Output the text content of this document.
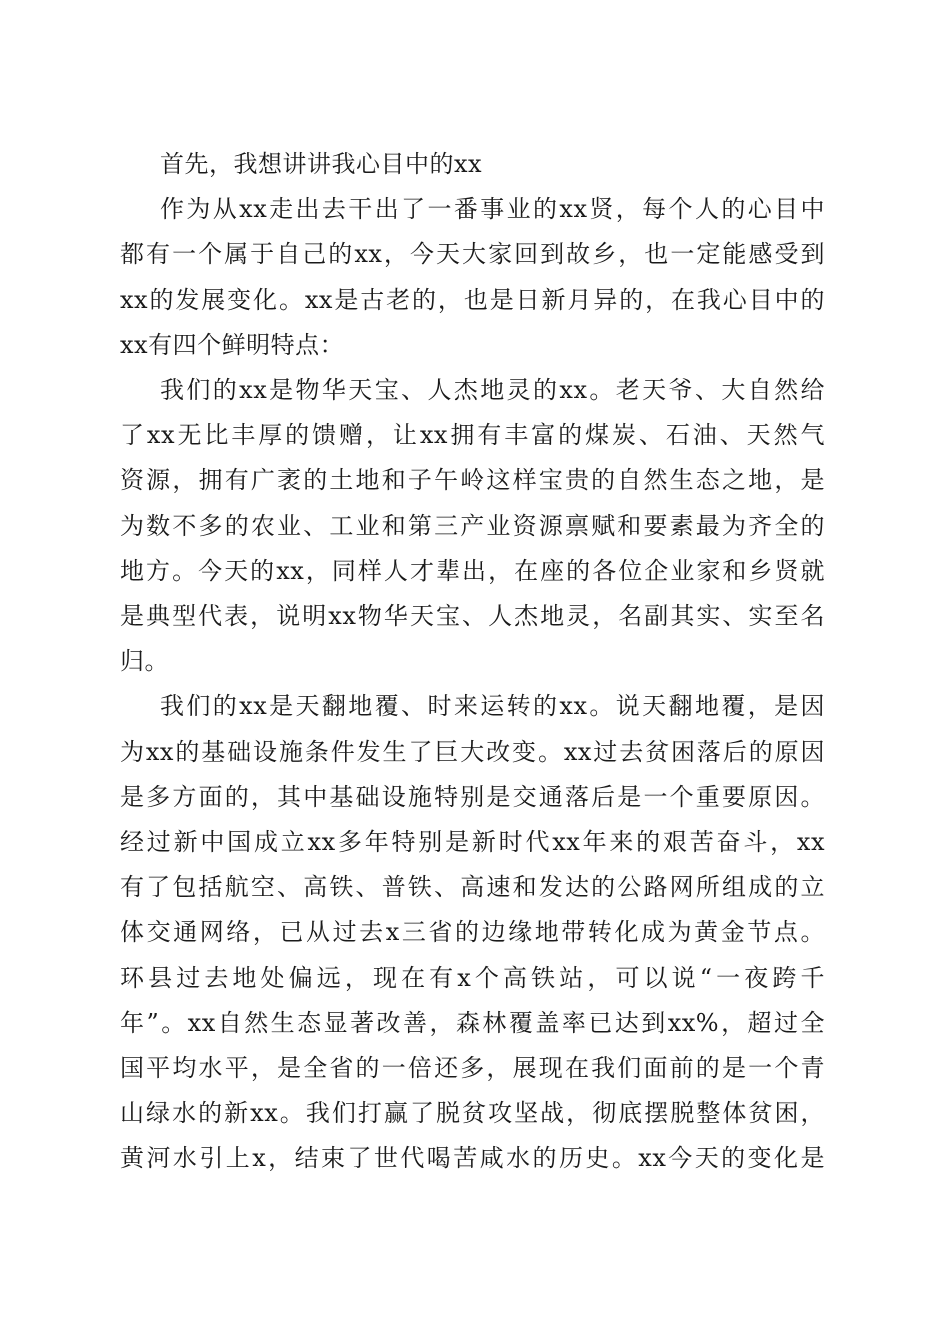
首先，我想讲讲我心目中的xx

作为从xx走出去干出了一番事业的xx贤，每个人的心目中
都有一个属于自己的xx，今天大家回到故乡，也一定能感受到
xx的发展变化。xx是古老的，也是日新月异的，在我心目中的
xx有四个鲜明特点：

我们的xx是物华天宝、人杰地灵的xx。老天爷、大自然给
了xx无比丰厚的馈赠，让xx拥有丰富的煤炭、石油、天然气
资源，拥有广袤的土地和子午岭这样宝贵的自然生态之地，是
为数不多的农业、工业和第三产业资源禀赋和要素最为齐全的
地方。今天的xx，同样人才辈出，在座的各位企业家和乡贤就
是典型代表，说明xx物华天宝、人杰地灵，名副其实、实至名
归。

我们的xx是天翻地覆、时来运转的xx。说天翻地覆，是因
为xx的基础设施条件发生了巨大改变。xx过去贫困落后的原因
是多方面的，其中基础设施特别是交通落后是一个重要原因。
经过新中国成立xx多年特别是新时代xx年来的艰苦奋斗，xx
有了包括航空、高铁、普铁、高速和发达的公路网所组成的立
体交通网络，已从过去x三省的边缘地带转化成为黄金节点。
环县过去地处偏远，现在有x个高铁站，可以说“一夜跨千
年”。xx自然生态显著改善，森林覆盖率已达到xx%，超过全
国平均水平，是全省的一倍还多，展现在我们面前的是一个青
山绿水的新xx。我们打赢了脱贫攻坚战，彻底摆脱整体贫困，
黄河水引上x，结束了世代喝苦咸水的历史。xx今天的变化是
